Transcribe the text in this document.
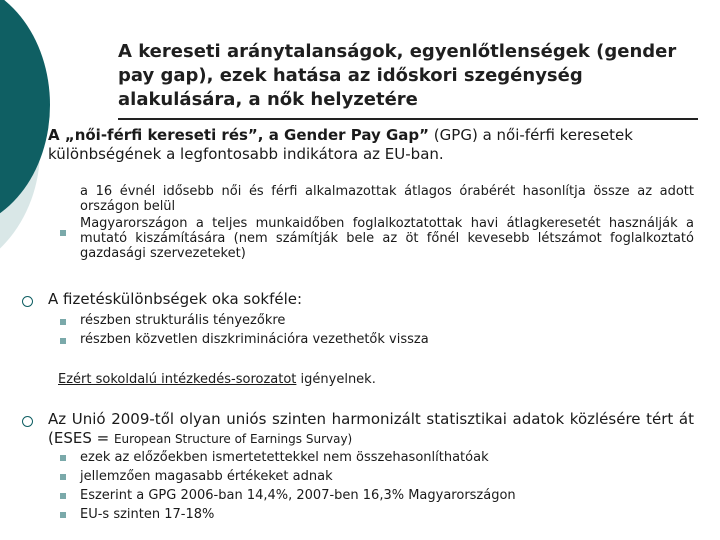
A kereseti aránytalanságok, egyenlőtlenségek (gender pay gap), ezek hatása az időskori szegénység alakulására, a nők helyzetére
A „női-férfi kereseti rés”, a Gender Pay Gap” (GPG) a női-férfi keresetek különbségének a legfontosabb indikátora az EU-ban.
a 16 évnél idősebb női és férfi alkalmazottak átlagos órabérét hasonlítja össze az adott országon belül
Magyarországon a teljes munkaidőben foglalkoztatottak havi átlagkeresetét használják a mutató kiszámítására (nem számítják bele az öt főnél kevesebb létszámot foglalkoztató gazdasági szervezeteket)
A fizetéskülönbségek oka sokféle:
részben strukturális tényezőkre
részben közvetlen diszkriminációra vezethetők vissza
Ezért sokoldalú intézkedés-sorozatot igényelnek.
Az Unió 2009-től olyan uniós szinten harmonizált statisztikai adatok közlésére tért át (ESES = European Structure of Earnings Survay)
ezek az előzőekben ismertetettekkel nem összehasonlíthatóak
jellemzően magasabb értékeket adnak
Eszerint a GPG 2006-ban 14,4%, 2007-ben 16,3% Magyarországon
EU-s szinten 17-18%
